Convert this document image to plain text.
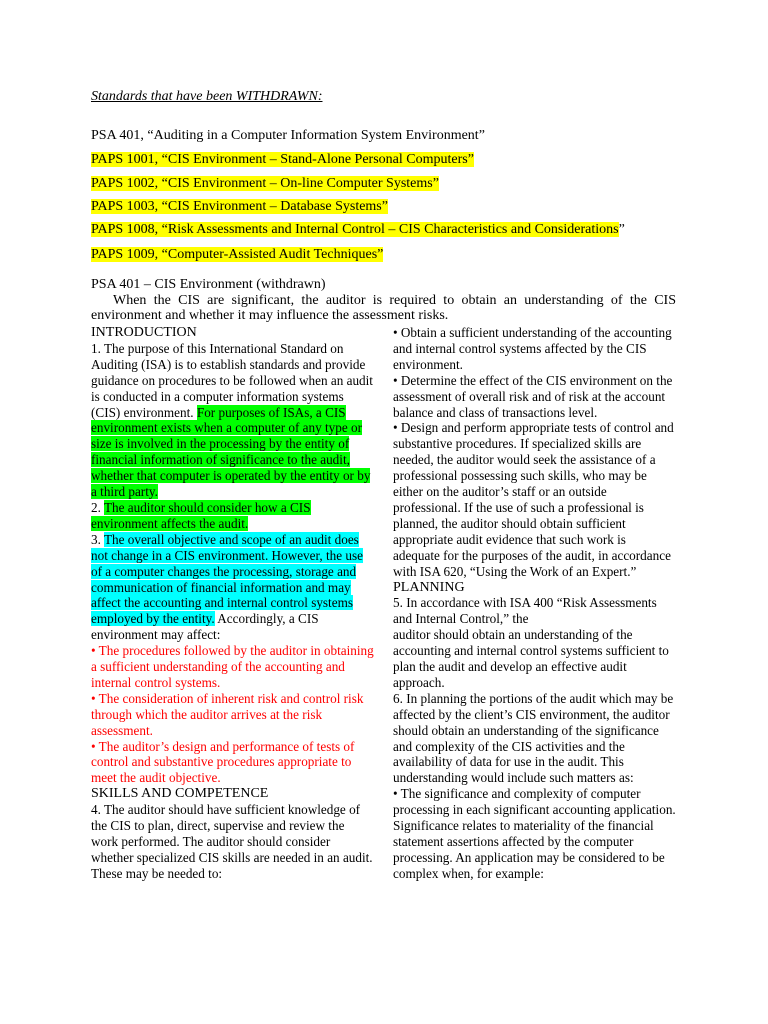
Standards that have been WITHDRAWN:
PSA 401, “Auditing in a Computer Information System Environment”
PAPS 1001, “CIS Environment – Stand-Alone Personal Computers”
PAPS 1002, “CIS Environment – On-line Computer Systems”
PAPS 1003, “CIS Environment – Database Systems”
PAPS 1008, “Risk Assessments and Internal Control – CIS Characteristics and Considerations”
PAPS 1009, “Computer-Assisted Audit Techniques”
PSA 401 – CIS Environment (withdrawn)
When the CIS are significant, the auditor is required to obtain an understanding of the CIS environment and whether it may influence the assessment risks.

INTRODUCTION

1. The purpose of this International Standard on Auditing (ISA) is to establish standards and provide guidance on procedures to be followed when an audit is conducted in a computer information systems (CIS) environment. For purposes of ISAs, a CIS environment exists when a computer of any type or size is involved in the processing by the entity of financial information of significance to the audit, whether that computer is operated by the entity or by a third party.

2. The auditor should consider how a CIS environment affects the audit.

3. The overall objective and scope of an audit does not change in a CIS environment. However, the use of a computer changes the processing, storage and communication of financial information and may affect the accounting and internal control systems employed by the entity. Accordingly, a CIS environment may affect:

• The procedures followed by the auditor in obtaining a sufficient understanding of the accounting and internal control systems.

• The consideration of inherent risk and control risk through which the auditor arrives at the risk assessment.

• The auditor’s design and performance of tests of control and substantive procedures appropriate to meet the audit objective.

SKILLS AND COMPETENCE

4. The auditor should have sufficient knowledge of the CIS to plan, direct, supervise and review the work performed. The auditor should consider whether specialized CIS skills are needed in an audit. These may be needed to:

• Obtain a sufficient understanding of the accounting and internal control systems affected by the CIS environment.

• Determine the effect of the CIS environment on the assessment of overall risk and of risk at the account balance and class of transactions level.

• Design and perform appropriate tests of control and substantive procedures. If specialized skills are needed, the auditor would seek the assistance of a professional possessing such skills, who may be either on the auditor’s staff or an outside professional. If the use of such a professional is planned, the auditor should obtain sufficient appropriate audit evidence that such work is adequate for the purposes of the audit, in accordance with ISA 620, “Using the Work of an Expert.”

PLANNING

5. In accordance with ISA 400 “Risk Assessments and Internal Control,” the

auditor should obtain an understanding of the accounting and internal control systems sufficient to plan the audit and develop an effective audit approach.

6. In planning the portions of the audit which may be affected by the client’s CIS environment, the auditor should obtain an understanding of the significance and complexity of the CIS activities and the availability of data for use in the audit. This understanding would include such matters as:

• The significance and complexity of computer processing in each significant accounting application. Significance relates to materiality of the financial statement assertions affected by the computer processing. An application may be considered to be complex when, for example:
